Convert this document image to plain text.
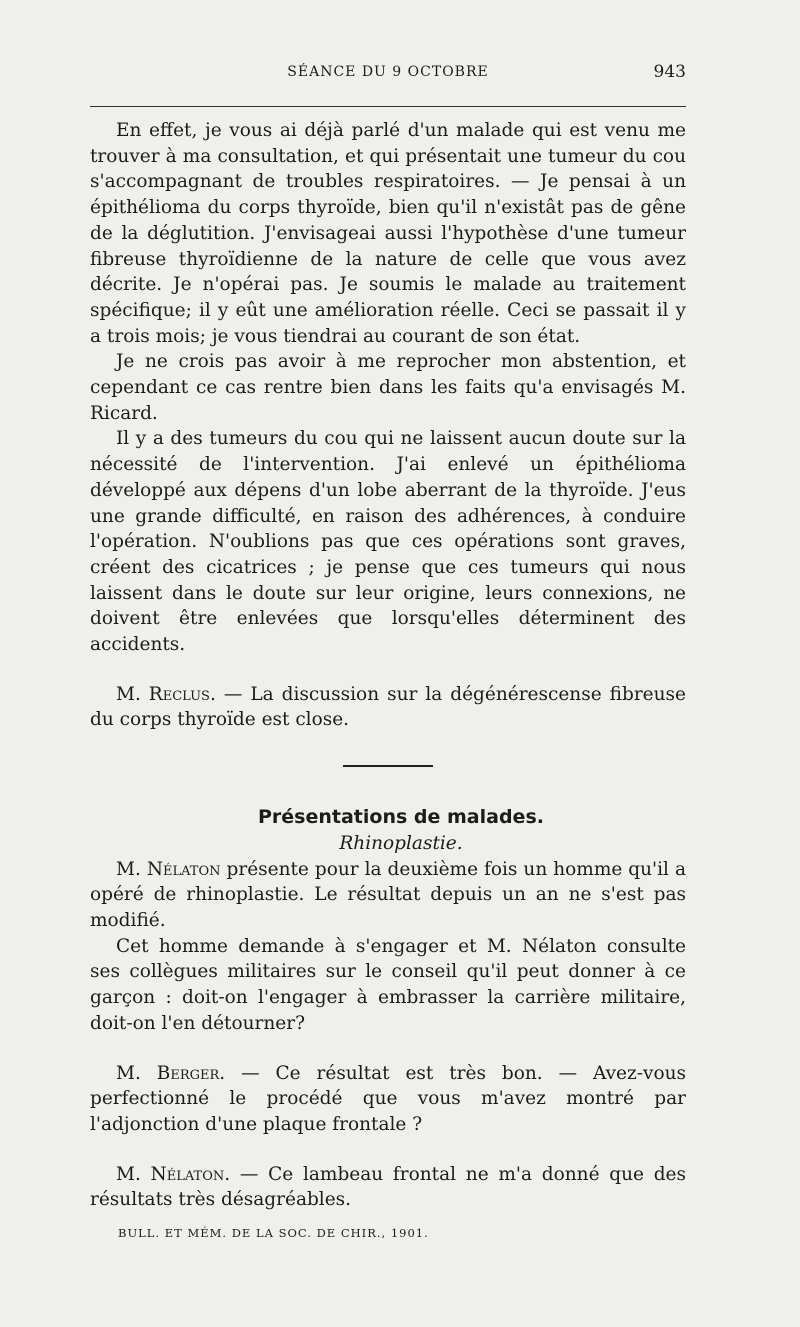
SÉANCE DU 9 OCTOBRE	943

En effet, je vous ai déjà parlé d'un malade qui est venu me trouver à ma consultation, et qui présentait une tumeur du cou s'accompagnant de troubles respiratoires. — Je pensai à un épithélioma du corps thyroïde, bien qu'il n'existât pas de gêne de la déglutition. J'envisageai aussi l'hypothèse d'une tumeur fibreuse thyroïdienne de la nature de celle que vous avez décrite. Je n'opérai pas. Je soumis le malade au traitement spécifique; il y eût une amélioration réelle. Ceci se passait il y a trois mois; je vous tiendrai au courant de son état.

Je ne crois pas avoir à me reprocher mon abstention, et cependant ce cas rentre bien dans les faits qu'a envisagés M. Ricard.

Il y a des tumeurs du cou qui ne laissent aucun doute sur la nécessité de l'intervention. J'ai enlevé un épithélioma développé aux dépens d'un lobe aberrant de la thyroïde. J'eus une grande difficulté, en raison des adhérences, à conduire l'opération. N'oublions pas que ces opérations sont graves, créent des cicatrices ; je pense que ces tumeurs qui nous laissent dans le doute sur leur origine, leurs connexions, ne doivent être enlevées que lorsqu'elles déterminent des accidents.

M. Reclus. — La discussion sur la dégénérescense fibreuse du corps thyroïde est close.

Présentations de malades.

Rhinoplastie.

M. Nélaton présente pour la deuxième fois un homme qu'il a opéré de rhinoplastie. Le résultat depuis un an ne s'est pas modifié.

Cet homme demande à s'engager et M. Nélaton consulte ses collègues militaires sur le conseil qu'il peut donner à ce garçon : doit-on l'engager à embrasser la carrière militaire, doit-on l'en détourner?

M. Berger. — Ce résultat est très bon. — Avez-vous perfectionné le procédé que vous m'avez montré par l'adjonction d'une plaque frontale ?

M. Nélaton. — Ce lambeau frontal ne m'a donné que des résultats très désagréables.

BULL. ET MÉM. DE LA SOC. DE CHIR., 1901.
